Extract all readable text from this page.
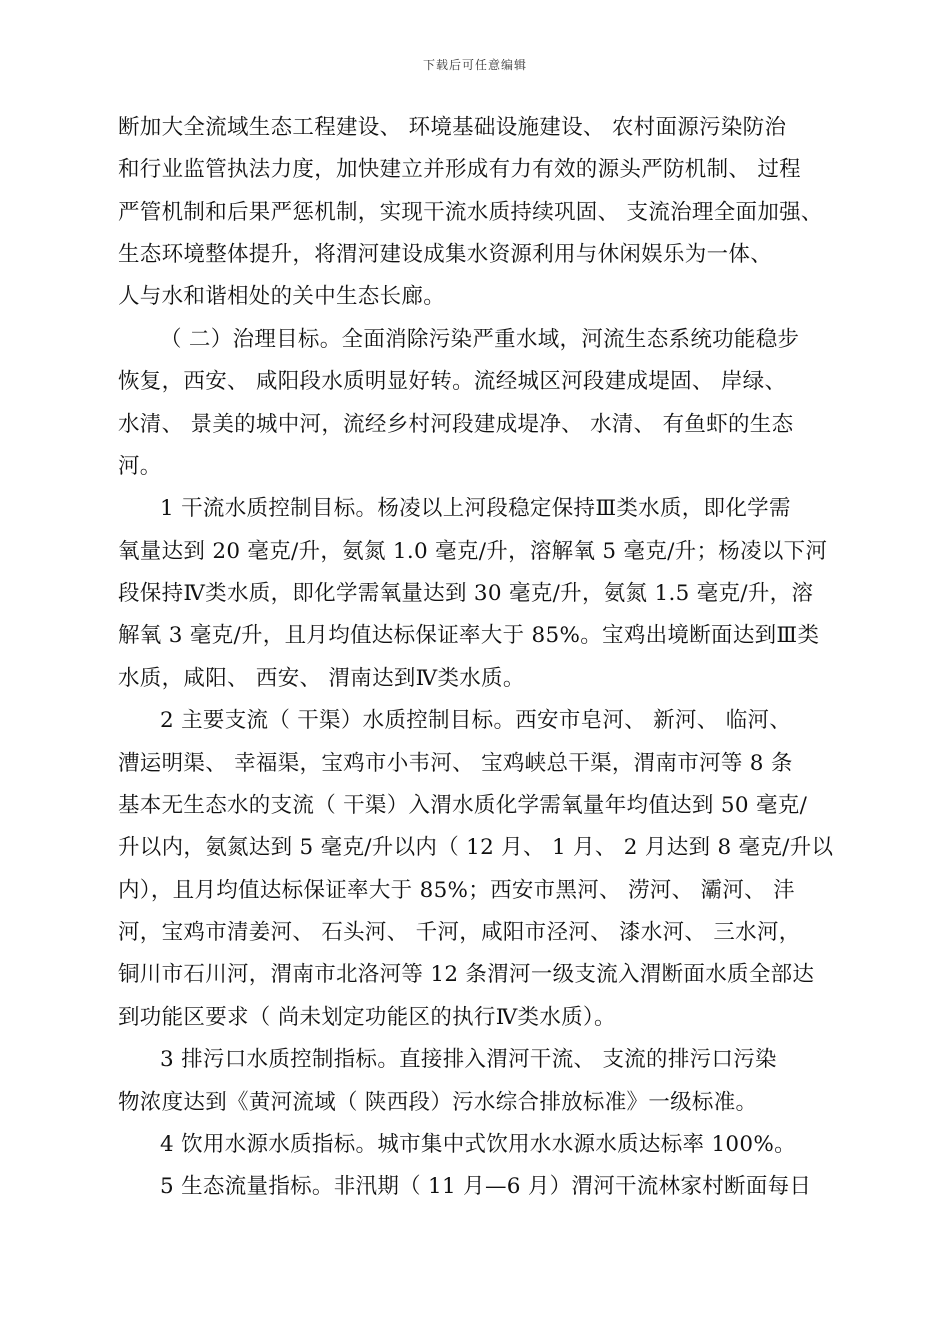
下载后可任意编辑
断加大全流域生态工程建设、 环境基础设施建设、 农村面源污染防治
和行业监管执法力度，加快建立并形成有力有效的源头严防机制、 过程
严管机制和后果严惩机制，实现干流水质持续巩固、 支流治理全面加强、
生态环境整体提升，将渭河建设成集水资源利用与休闲娱乐为一体、
人与水和谐相处的关中生态长廊。
（ 二）治理目标。全面消除污染严重水域，河流生态系统功能稳步
恢复，西安、 咸阳段水质明显好转。流经城区河段建成堤固、 岸绿、
水清、 景美的城中河，流经乡村河段建成堤净、 水清、 有鱼虾的生态
河。
1 干流水质控制目标。杨凌以上河段稳定保持Ⅲ类水质，即化学需
氧量达到 20 毫克/升，氨氮 1.0 毫克/升，溶解氧 5 毫克/升；杨凌以下河
段保持Ⅳ类水质，即化学需氧量达到 30 毫克/升，氨氮 1.5 毫克/升，溶
解氧 3 毫克/升，且月均值达标保证率大于 85%。宝鸡出境断面达到Ⅲ类
水质，咸阳、 西安、 渭南达到Ⅳ类水质。
2 主要支流（ 干渠）水质控制目标。西安市皂河、 新河、 临河、
漕运明渠、 幸福渠，宝鸡市小韦河、 宝鸡峡总干渠，渭南市河等 8 条
基本无生态水的支流（ 干渠）入渭水质化学需氧量年均值达到 50 毫克/
升以内，氨氮达到 5 毫克/升以内（ 12 月、 1 月、 2 月达到 8 毫克/升以
内），且月均值达标保证率大于 85%；西安市黑河、 涝河、 灞河、 沣
河，宝鸡市清姜河、 石头河、 千河，咸阳市泾河、 漆水河、 三水河，
铜川市石川河，渭南市北洛河等 12 条渭河一级支流入渭断面水质全部达
到功能区要求（ 尚未划定功能区的执行Ⅳ类水质）。
3 排污口水质控制指标。直接排入渭河干流、 支流的排污口污染
物浓度达到《黄河流域（ 陕西段）污水综合排放标准》一级标准。
4 饮用水源水质指标。城市集中式饮用水水源水质达标率 100%。
5 生态流量指标。非汛期（ 11 月—6 月）渭河干流林家村断面每日
